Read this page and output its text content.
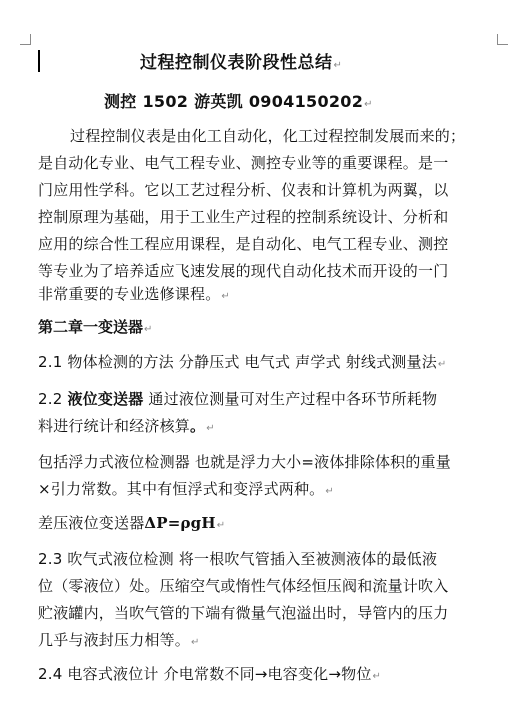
过程控制仪表阶段性总结↵
测控 1502 游英凯 0904150202↵
过程控制仪表是由化工自动化，化工过程控制发展而来的；
是自动化专业、电气工程专业、测控专业等的重要课程。是一
门应用性学科。它以工艺过程分析、仪表和计算机为两翼，以
控制原理为基础，用于工业生产过程的控制系统设计、分析和
应用的综合性工程应用课程，是自动化、电气工程专业、测控
等专业为了培养适应飞速发展的现代自动化技术而开设的一门
非常重要的专业选修课程。↵
第二章一变送器↵
2.1 物体检测的方法 分静压式 电气式 声学式 射线式测量法↵
2.2 液位变送器 通过液位测量可对生产过程中各环节所耗物
料进行统计和经济核算。↵
包括浮力式液位检测器 也就是浮力大小=液体排除体积的重量
×引力常数。其中有恒浮式和变浮式两种。↵
差压液位变送器ΔP=ρgH↵
2.3 吹气式液位检测 将一根吹气管插入至被测液体的最低液
位（零液位）处。压缩空气或惰性气体经恒压阀和流量计吹入
贮液罐内，当吹气管的下端有微量气泡溢出时，导管内的压力
几乎与液封压力相等。↵
2.4 电容式液位计 介电常数不同→电容变化→物位↵
